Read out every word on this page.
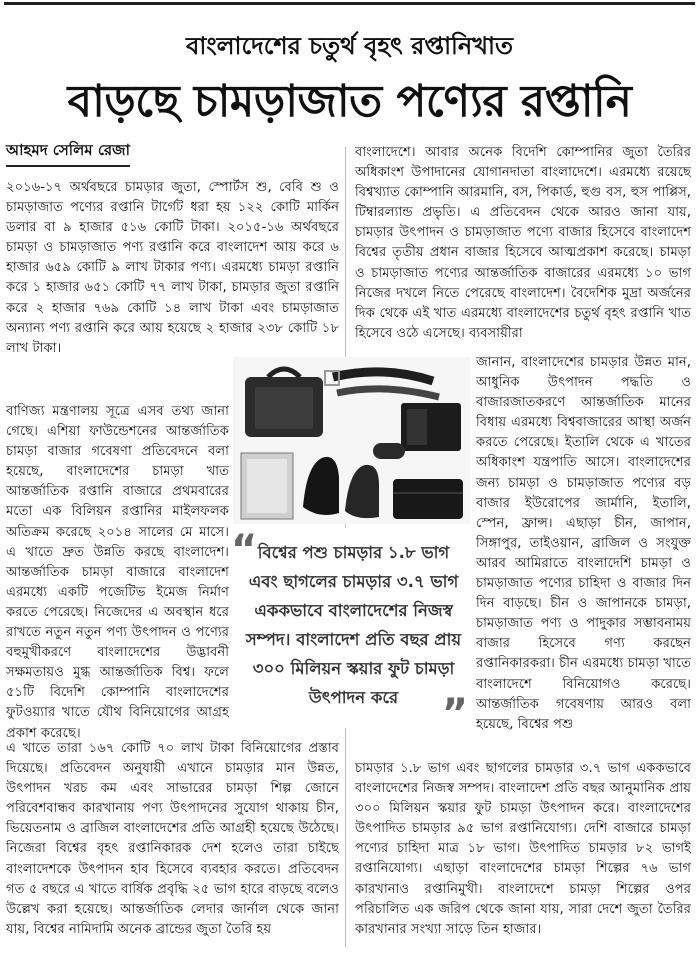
বাংলাদেশের চতুর্থ বৃহৎ রপ্তানিখাত
বাড়ছে চামড়াজাত পণ্যের রপ্তানি
আহমদ সেলিম রেজা
২০১৬-১৭ অর্থবছরে চামড়ার জুতা, স্পোর্টস শু, বেবি শু ও চামড়াজাত পণ্যের রপ্তানি টার্গেট ধরা হয় ১২২ কোটি মার্কিন ডলার বা ৯ হাজার ৫১৬ কোটি টাকা। ২০১৫-১৬ অর্থবছরে চামড়া ও চামড়াজাত পণ্য রপ্তানি করে বাংলাদেশ আয় করে ৬ হাজার ৬৫৯ কোটি ৯ লাখ টাকার পণ্য। এরমধ্যে চামড়া রপ্তানি করে ১ হাজার ৬৫১ কোটি ৭৭ লাখ টাকা, চামড়ার জুতা রপ্তানি করে ২ হাজার ৭৬৯ কোটি ১৪ লাখ টাকা এবং চামড়াজাত অন্যান্য পণ্য রপ্তানি করে আয় হয়েছে ২ হাজার ২৩৮ কোটি ১৮ লাখ টাকা।
বাণিজ্য মন্ত্রণালয় সূত্রে এসব তথ্য জানা গেছে। এশিয়া ফাউন্ডেশনের আন্তর্জাতিক চামড়া বাজার গবেষণা প্রতিবেদনে বলা হয়েছে, বাংলাদেশের চামড়া খাত আন্তর্জাতিক রপ্তানি বাজারে প্রথমবারের মতো এক বিলিয়ন রপ্তানির মাইলফলক অতিক্রম করেছে ২০১৪ সালের মে মাসে। এ খাতে দ্রুত উন্নতি করছে বাংলাদেশ। আন্তর্জাতিক চামড়া বাজারে বাংলাদেশ এরমধ্যে একটি পজেটিভ ইমেজ নির্মাণ করতে পেরেছে। নিজেদের এ অবস্থান ধরে রাখতে নতুন নতুন পণ্য উৎপাদন ও পণ্যের বহুমুখীকরণে বাংলাদেশের উদ্ভাবনী সক্ষমতায়ও মুগ্ধ আন্তর্জাতিক বিশ্ব। ফলে ৫১টি বিদেশি কোম্পানি বাংলাদেশের ফুটওয়্যার খাতে যৌথ বিনিয়োগের আগ্রহ প্রকাশ করেছে।
এ খাতে তারা ১৬৭ কোটি ৭০ লাখ টাকা বিনিয়োগের প্রস্তাব দিয়েছে। প্রতিবেদন অনুযায়ী এখানে চামড়ার মান উন্নত, উৎপাদন খরচ কম এবং সাভারের চামড়া শিল্প জোনে পরিবেশবান্ধব কারখানায় পণ্য উৎপাদনের সুযোগ থাকায় চীন, ভিয়েতনাম ও ব্রাজিল বাংলাদেশের প্রতি আগ্রহী হয়েছে উঠেছে। নিজেরা বিশ্বের বৃহৎ রপ্তানিকারক দেশ হলেও তারা চাইছে বাংলাদেশকে উৎপাদন হাব হিসেবে ব্যবহার করতে। প্রতিবেদন গত ৫ বছরে এ খাতে বার্ষিক প্রবৃদ্ধি ২৫ ভাগ হারে বাড়ছে বলেও উল্লেখ করা হয়েছে। আন্তর্জাতিক লেদার জার্নাল থেকে জানা যায়, বিশ্বের নামিদামি অনেক ব্রান্ডের জুতা তৈরি হয়
বাংলাদেশে। আবার অনেক বিদেশি কোম্পানির জুতা তৈরির অধিকাংশ উপাদানের যোগানদাতা বাংলাদেশে। এরমধ্যে রয়েছে বিশ্বখ্যাত কোম্পানি আরমানি, বস, পিকার্ড, হুগু বস, হুস পাপ্পিস, টিম্বারল্যান্ড প্রভৃতি। এ প্রতিবেদন থেকে আরও জানা যায়, চামড়ার উৎপাদন ও চামড়াজাত পণ্যে বাজার হিসেবে বাংলাদেশ বিশ্বের তৃতীয় প্রধান বাজার হিসেবে আত্মপ্রকাশ করেছে। চামড়া ও চামড়াজাত পণ্যের আন্তর্জাতিক বাজারের এরমধ্যে ১০ ভাগ নিজের দখলে নিতে পেরেছে বাংলাদেশ। বৈদেশিক মুদ্রা অর্জনের দিক থেকে এই খাত এরমধ্যে বাংলাদেশের চতুর্থ বৃহৎ রপ্তানি খাত হিসেবে ওঠে এসেছে। ব্যবসায়ীরা
জানান, বাংলাদেশের চামড়ার উন্নত মান, আধুনিক উৎপাদন পদ্ধতি ও বাজারজাতকরণে আন্তর্জাতিক মানের বিধায় এরমধ্যে বিশ্ববাজারের আস্থা অর্জন করতে পেরেছে। ইতালি থেকে এ খাতের অধিকাংশ যন্ত্রপাতি আসে। বাংলাদেশের জন্য চামড়া ও চামড়াজাত পণ্যের বড় বাজার ইউরোপের জার্মানি, ইতালি, স্পেন, ফ্রান্স। এছাড়া চীন, জাপান, সিঙ্গাপুর, তাইওয়ান, ব্রাজিল ও সংযুক্ত আরব আমিরাতে বাংলাদেশি চামড়া ও চামড়াজাত পণ্যের চাহিদা ও বাজার দিন দিন বাড়ছে। চীন ও জাপানকে চামড়া, চামড়াজাত পণ্য ও পাদুকার সম্ভাবনাময় বাজার হিসেবে গণ্য করছেন রপ্তানিকারকরা। চীন এরমধ্যে চামড়া খাতে বাংলাদেশে বিনিয়োগও করেছে। আন্তর্জাতিক গবেষণায় আরও বলা হয়েছে, বিশ্বের পশু
চামড়ার ১.৮ ভাগ এবং ছাগলের চামড়ার ৩.৭ ভাগ এককভাবে বাংলাদেশের নিজস্ব সম্পদ। বাংলাদেশ প্রতি বছর আনুমানিক প্রায় ৩০০ মিলিয়ন স্কয়ার ফুট চামড়া উৎপাদন করে। বাংলাদেশের উৎপাদিত চামড়ার ৯৫ ভাগ রপ্তানিযোগ্য। দেশি বাজারে চামড়া পণ্যের চাহিদা মাত্র ১৮ ভাগ। উৎপাদিত চামড়ার ৮২ ভাগই রপ্তানিযোগ্য। এছাড়া বাংলাদেশের চামড়া শিল্পের ৭৬ ভাগ কারখানাও রপ্তানিমুখী। বাংলাদেশে চামড়া শিল্পের ওপর পরিচালিত এক জরিপ থেকে জানা যায়, সারা দেশে জুতা তৈরির কারখানার সংখ্যা সাড়ে তিন হাজার।
“ বিশ্বের পশু চামড়ার ১.৮ ভাগ এবং ছাগলের চামড়ার ৩.৭ ভাগ এককভাবে বাংলাদেশের নিজস্ব সম্পদ। বাংলাদেশ প্রতি বছর প্রায় ৩০০ মিলিয়ন স্কয়ার ফুট চামড়া উৎপাদন করে	”
